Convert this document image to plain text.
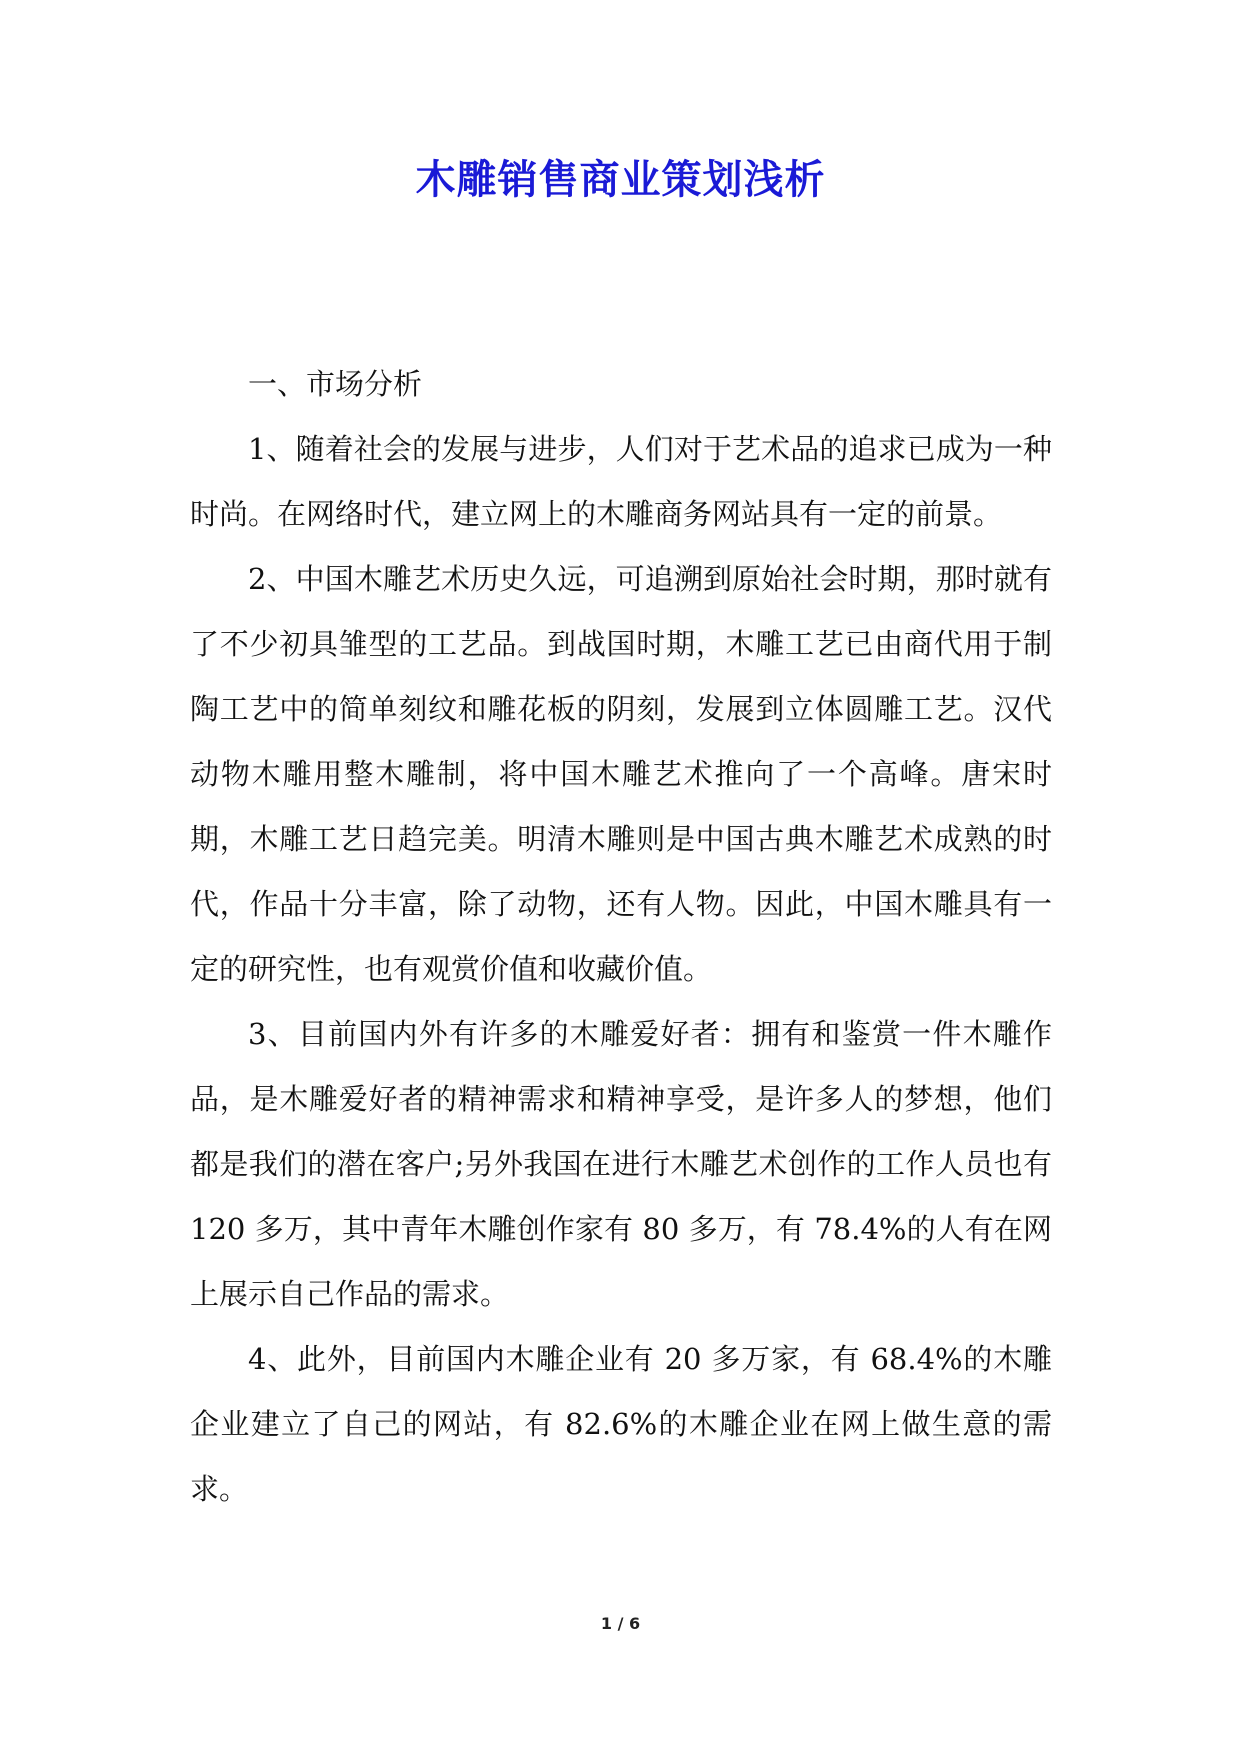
木雕销售商业策划浅析

一、市场分析

1、随着社会的发展与进步，人们对于艺术品的追求已成为一种时尚。在网络时代，建立网上的木雕商务网站具有一定的前景。

2、中国木雕艺术历史久远，可追溯到原始社会时期，那时就有了不少初具雏型的工艺品。到战国时期，木雕工艺已由商代用于制陶工艺中的简单刻纹和雕花板的阴刻，发展到立体圆雕工艺。汉代动物木雕用整木雕制，将中国木雕艺术推向了一个高峰。唐宋时期，木雕工艺日趋完美。明清木雕则是中国古典木雕艺术成熟的时代，作品十分丰富，除了动物，还有人物。因此，中国木雕具有一定的研究性，也有观赏价值和收藏价值。

3、目前国内外有许多的木雕爱好者：拥有和鉴赏一件木雕作品，是木雕爱好者的精神需求和精神享受，是许多人的梦想，他们都是我们的潜在客户;另外我国在进行木雕艺术创作的工作人员也有 120 多万，其中青年木雕创作家有 80 多万，有 78.4%的人有在网上展示自己作品的需求。

4、此外，目前国内木雕企业有 20 多万家，有 68.4%的木雕企业建立了自己的网站，有 82.6%的木雕企业在网上做生意的需求。

1 / 6
